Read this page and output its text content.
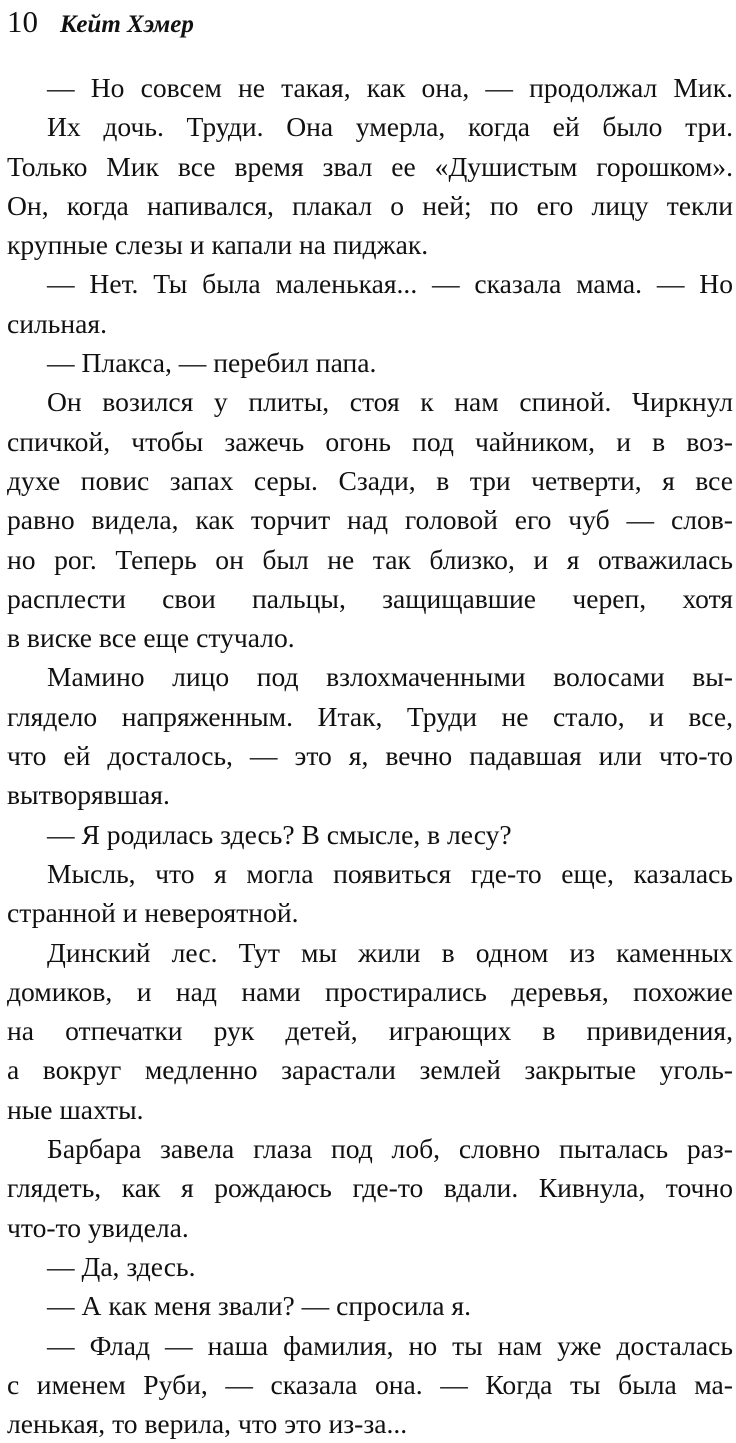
10 Кейт Хэмер
— Но совсем не такая, как она, — продолжал Мик.
Их дочь. Труди. Она умерла, когда ей было три.
Только Мик все время звал ее «Душистым горошком».
Он, когда напивался, плакал о ней; по его лицу текли
крупные слезы и капали на пиджак.
— Нет. Ты была маленькая... — сказала мама. — Но
сильная.
— Плакса, — перебил папа.
Он возился у плиты, стоя к нам спиной. Чиркнул
спичкой, чтобы зажечь огонь под чайником, и в воз-
духе повис запах серы. Сзади, в три четверти, я все
равно видела, как торчит над головой его чуб — слов-
но рог. Теперь он был не так близко, и я отважилась
расплести свои пальцы, защищавшие череп, хотя
в виске все еще стучало.
Мамино лицо под взлохмаченными волосами вы-
глядело напряженным. Итак, Труди не стало, и все,
что ей досталось, — это я, вечно падавшая или что-то
вытворявшая.
— Я родилась здесь? В смысле, в лесу?
Мысль, что я могла появиться где-то еще, казалась
странной и невероятной.
Динский лес. Тут мы жили в одном из каменных
домиков, и над нами простирались деревья, похожие
на отпечатки рук детей, играющих в привидения,
а вокруг медленно зарастали землей закрытые уголь-
ные шахты.
Барбара завела глаза под лоб, словно пыталась раз-
глядеть, как я рождаюсь где-то вдали. Кивнула, точно
что-то увидела.
— Да, здесь.
— А как меня звали? — спросила я.
— Флад — наша фамилия, но ты нам уже досталась
с именем Руби, — сказала она. — Когда ты была ма-
ленькая, то верила, что это из-за...
